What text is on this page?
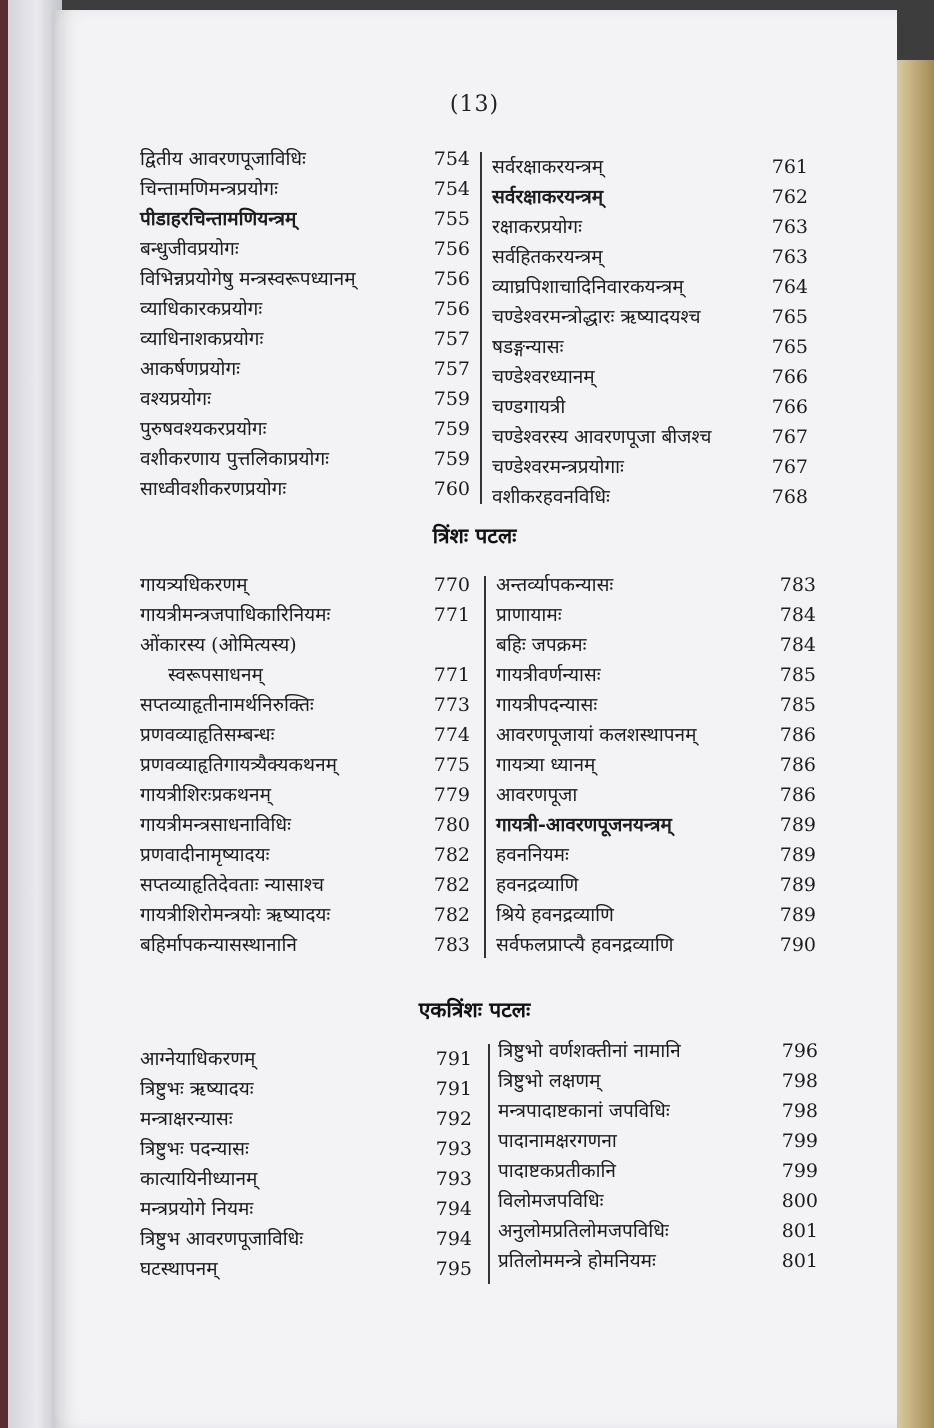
(13)
द्वितीय आवरणपूजाविधिः	754
चिन्तामणिमन्त्रप्रयोगः	754
पीडाहरचिन्तामणियन्त्रम्	755
बन्धुजीवप्रयोगः	756
विभिन्नप्रयोगेषु मन्त्रस्वरूपध्यानम्	756
व्याधिकारकप्रयोगः	756
व्याधिनाशकप्रयोगः	757
आकर्षणप्रयोगः	757
वश्यप्रयोगः	759
पुरुषवश्यकरप्रयोगः	759
वशीकरणाय पुत्तलिकाप्रयोगः	759
साध्वीवशीकरणप्रयोगः	760
सर्वरक्षाकरयन्त्रम्	761
सर्वरक्षाकरयन्त्रम्	762
रक्षाकरप्रयोगः	763
सर्वहितकरयन्त्रम्	763
व्याघ्रपिशाचादिनिवारकयन्त्रम्	764
चण्डेश्वरमन्त्रोद्धारः ऋष्यादयश्च	765
षडङ्गन्यासः	765
चण्डेश्वरध्यानम्	766
चण्डगायत्री	766
चण्डेश्वरस्य आवरणपूजा बीजश्च	767
चण्डेश्वरमन्त्रप्रयोगाः	767
वशीकरहवनविधिः	768
त्रिंशः पटलः
गायत्र्यधिकरणम्	770
गायत्रीमन्त्रजपाधिकारिनियमः	771
ओंकारस्य (ओमित्यस्य)
स्वरूपसाधनम्	771
सप्तव्याहृतीनामर्थनिरुक्तिः	773
प्रणवव्याहृतिसम्बन्धः	774
प्रणवव्याहृतिगायत्र्यैक्यकथनम्	775
गायत्रीशिरःप्रकथनम्	779
गायत्रीमन्त्रसाधनाविधिः	780
प्रणवादीनामृष्यादयः	782
सप्तव्याहृतिदेवताः न्यासाश्च	782
गायत्रीशिरोमन्त्रयोः ऋष्यादयः	782
बहिर्मापकन्यासस्थानानि	783
अन्तर्व्यापकन्यासः	783
प्राणायामः	784
बहिः जपक्रमः	784
गायत्रीवर्णन्यासः	785
गायत्रीपदन्यासः	785
आवरणपूजायां कलशस्थापनम्	786
गायत्र्या ध्यानम्	786
आवरणपूजा	786
गायत्री-आवरणपूजनयन्त्रम्	789
हवननियमः	789
हवनद्रव्याणि	789
श्रिये हवनद्रव्याणि	789
सर्वफलप्राप्त्यै हवनद्रव्याणि	790
एकत्रिंशः पटलः
आग्नेयाधिकरणम्	791
त्रिष्टुभः ऋष्यादयः	791
मन्त्राक्षरन्यासः	792
त्रिष्टुभः पदन्यासः	793
कात्यायिनीध्यानम्	793
मन्त्रप्रयोगे नियमः	794
त्रिष्टुभ आवरणपूजाविधिः	794
घटस्थापनम्	795
त्रिष्टुभो वर्णशक्तीनां नामानि	796
त्रिष्टुभो लक्षणम्	798
मन्त्रपादाष्टकानां जपविधिः	798
पादानामक्षरगणना	799
पादाष्टकप्रतीकानि	799
विलोमजपविधिः	800
अनुलोमप्रतिलोमजपविधिः	801
प्रतिलोममन्त्रे होमनियमः	801
